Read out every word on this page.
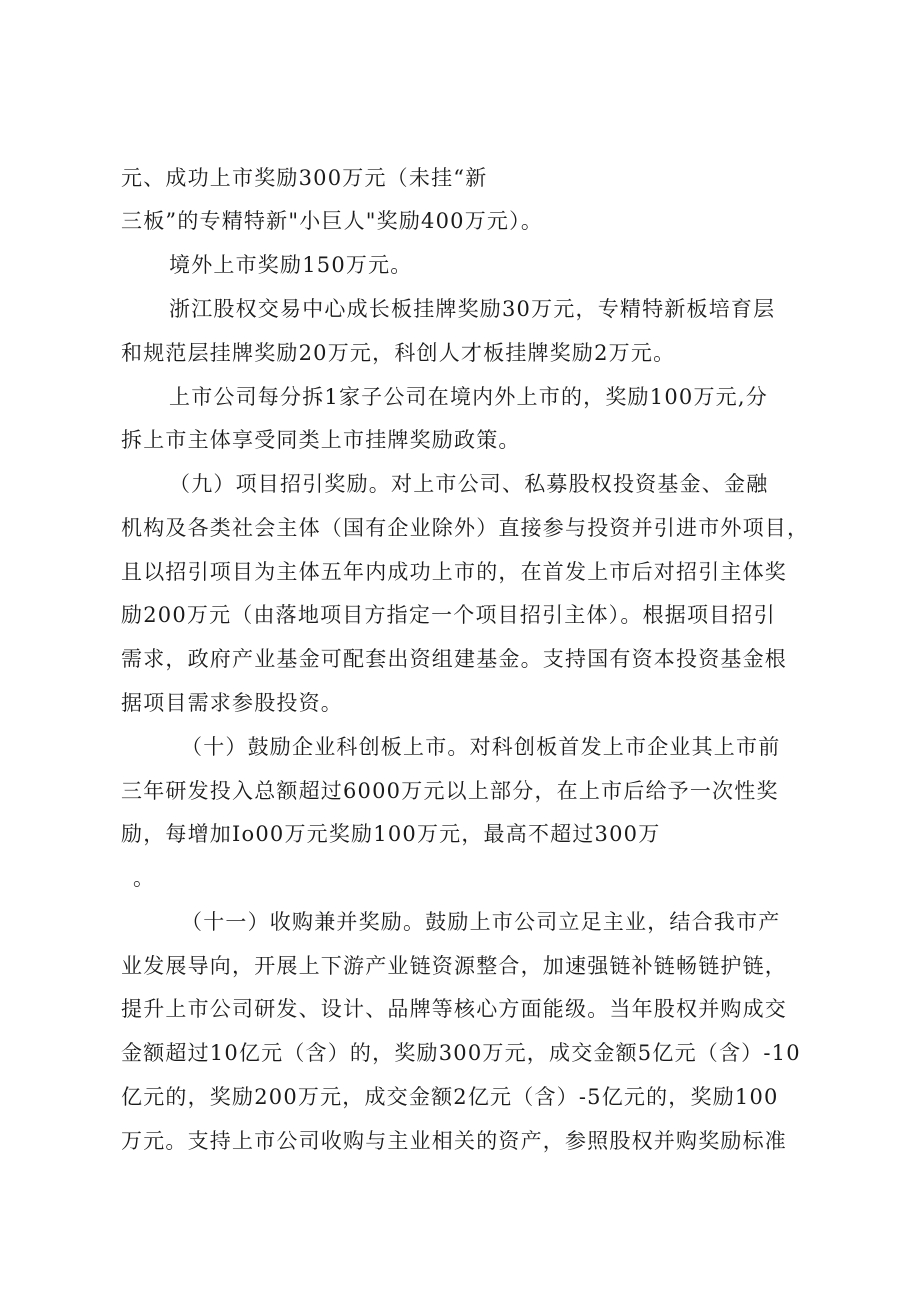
元、成功上市奖励300万元（未挂“新
三板”的专精特新"小巨人"奖励400万元）。
境外上市奖励150万元。
浙江股权交易中心成长板挂牌奖励30万元，专精特新板培育层
和规范层挂牌奖励20万元，科创人才板挂牌奖励2万元。
上市公司每分拆1家子公司在境内外上市的，奖励100万元,分
拆上市主体享受同类上市挂牌奖励政策。
（九）项目招引奖励。对上市公司、私募股权投资基金、金融
机构及各类社会主体（国有企业除外）直接参与投资并引进市外项目，
且以招引项目为主体五年内成功上市的，在首发上市后对招引主体奖
励200万元（由落地项目方指定一个项目招引主体）。根据项目招引
需求，政府产业基金可配套出资组建基金。支持国有资本投资基金根
据项目需求参股投资。
（十）鼓励企业科创板上市。对科创板首发上市企业其上市前
三年研发投入总额超过6000万元以上部分，在上市后给予一次性奖
励，每增加Io00万元奖励100万元，最高不超过300万
。
（十一）收购兼并奖励。鼓励上市公司立足主业，结合我市产
业发展导向，开展上下游产业链资源整合，加速强链补链畅链护链，
提升上市公司研发、设计、品牌等核心方面能级。当年股权并购成交
金额超过10亿元（含）的，奖励300万元，成交金额5亿元（含）-10
亿元的，奖励200万元，成交金额2亿元（含）-5亿元的，奖励100
万元。支持上市公司收购与主业相关的资产，参照股权并购奖励标准
